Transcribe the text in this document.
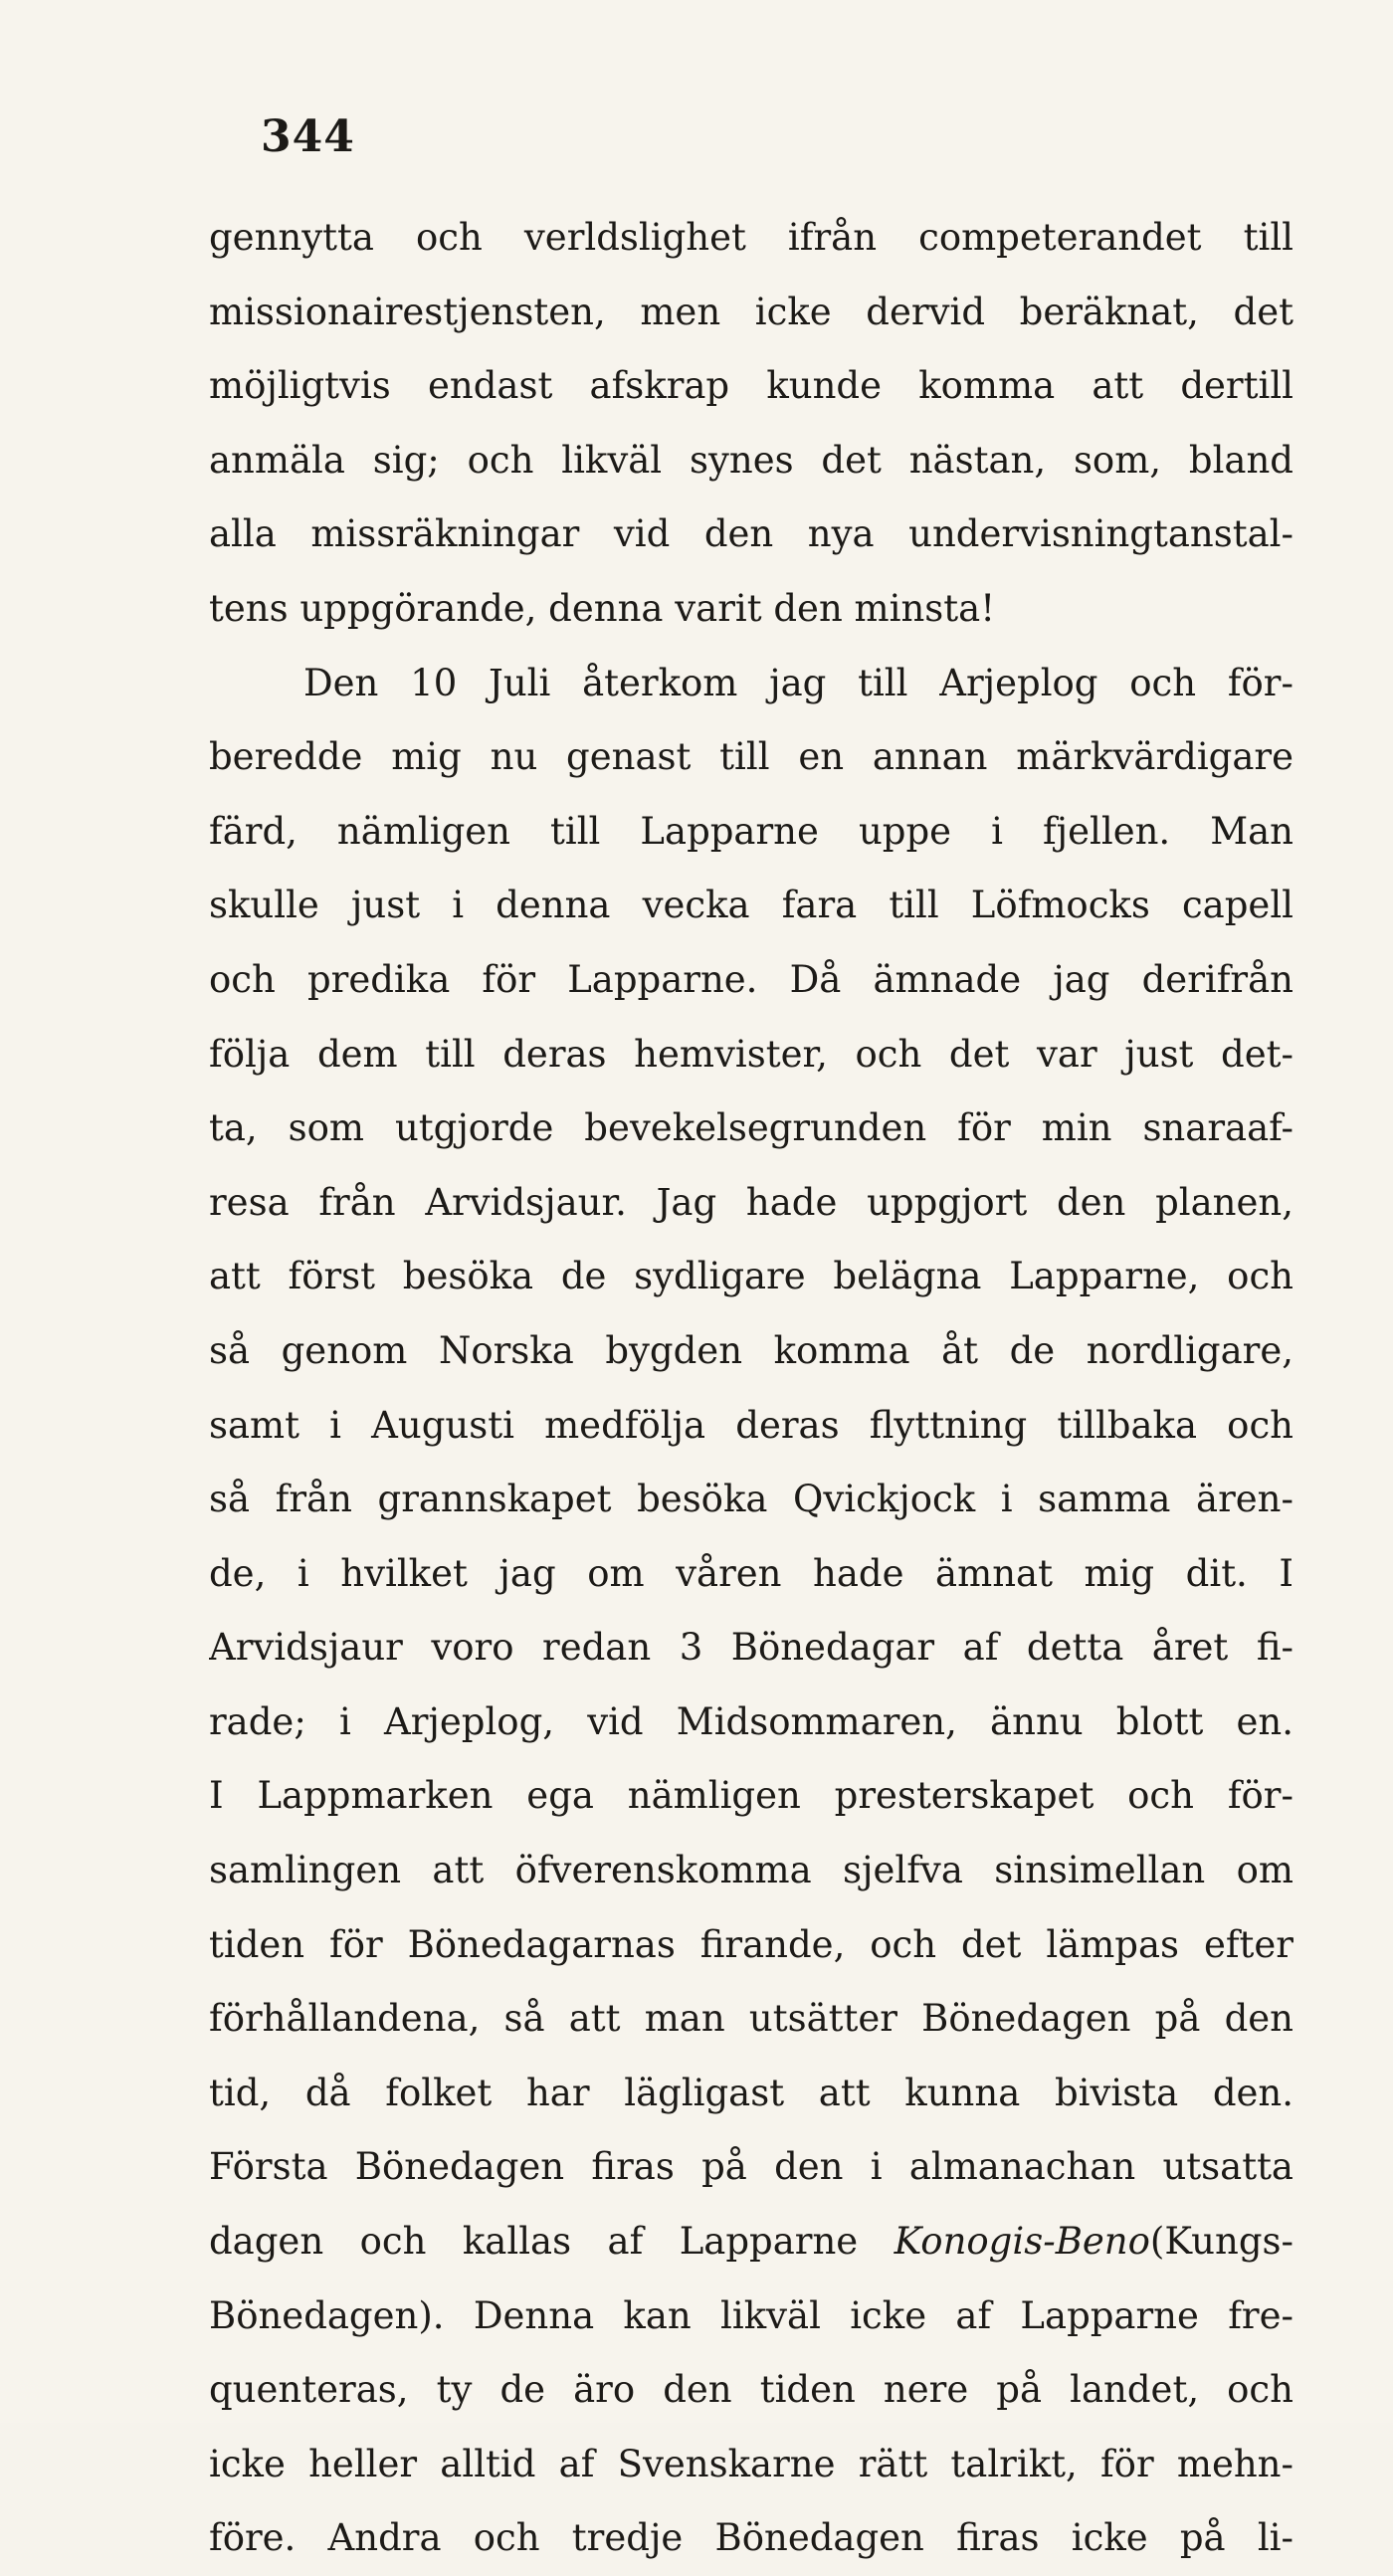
344
gennytta och verldslighet ifrån competerandet till
missionairestjensten, men icke dervid beräknat, det
möjligtvis endast afskrap kunde komma att dertill
anmäla sig; och likväl synes det nästan, som, bland
alla missräkningar vid den nya undervisningtanstal-
tens uppgörande, denna varit den minsta!
Den 10 Juli återkom jag till Arjeplog och för-
beredde mig nu genast till en annan märkvärdigare
färd, nämligen till Lapparne uppe i fjellen. Man
skulle just i denna vecka fara till Löfmocks capell
och predika för Lapparne. Då ämnade jag derifrån
följa dem till deras hemvister, och det var just det-
ta, som utgjorde bevekelsegrunden för min snaraaf-
resa från Arvidsjaur. Jag hade uppgjort den planen,
att först besöka de sydligare belägna Lapparne, och
så genom Norska bygden komma åt de nordligare,
samt i Augusti medfölja deras flyttning tillbaka och
så från grannskapet besöka Qvickjock i samma ären-
de, i hvilket jag om våren hade ämnat mig dit. I
Arvidsjaur voro redan 3 Bönedagar af detta året fi-
rade; i Arjeplog, vid Midsommaren, ännu blott en.
I Lappmarken ega nämligen presterskapet och för-
samlingen att öfverenskomma sjelfva sinsimellan om
tiden för Bönedagarnas firande, och det lämpas efter
förhållandena, så att man utsätter Bönedagen på den
tid, då folket har lägligast att kunna bivista den.
Första Bönedagen firas på den i almanachan utsatta
dagen och kallas af Lapparne Konogis-Beno(Kungs-
Bönedagen). Denna kan likväl icke af Lapparne fre-
quenteras, ty de äro den tiden nere på landet, och
icke heller alltid af Svenskarne rätt talrikt, för mehn-
före. Andra och tredje Bönedagen firas icke på li-
